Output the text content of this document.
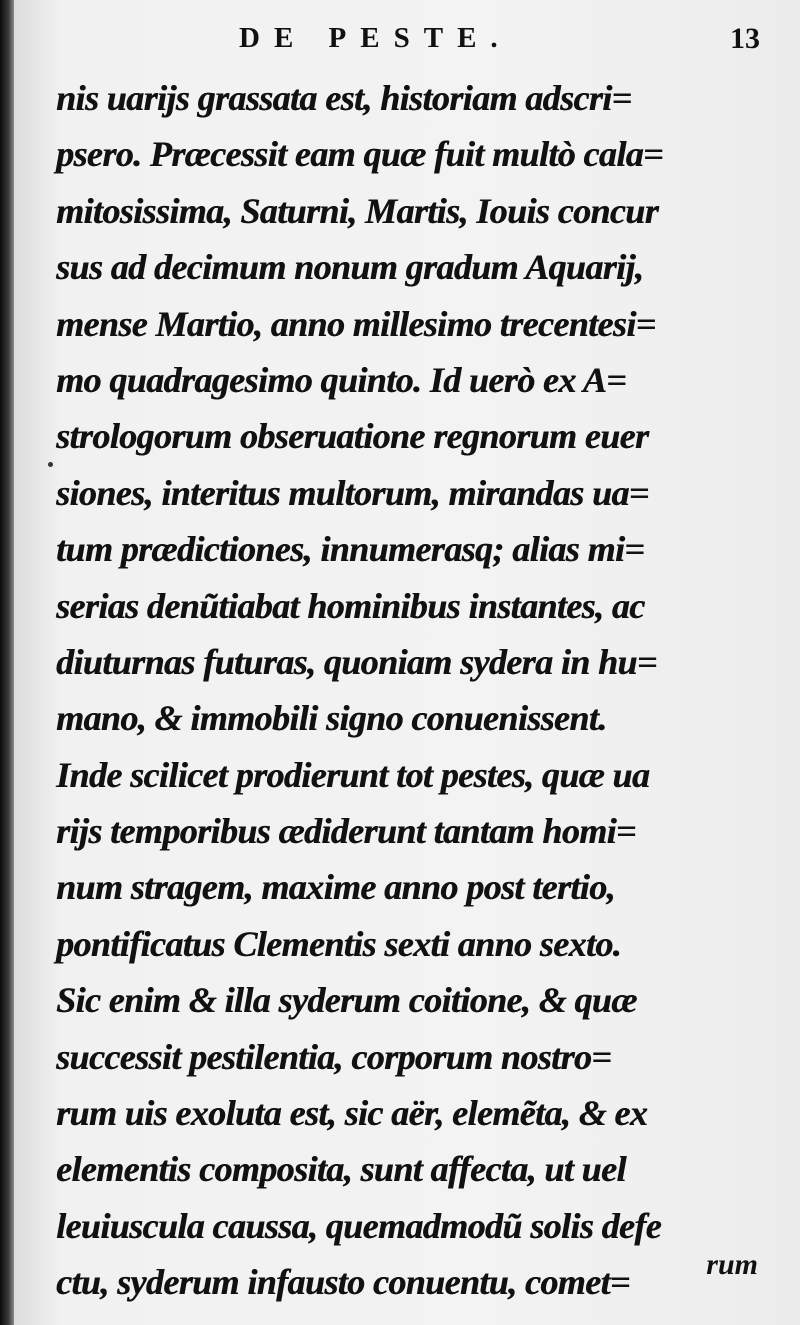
DE PESTE.	13
nis uarijs grassata est, historiam adscri=
psero. Præcessit eam quæ fuit multò cala=
mitosissima, Saturni, Martis, Iouis concur
sus ad decimum nonum gradum Aquarij,
mense Martio, anno millesimo trecentesi=
mo quadragesimo quinto. Id uerò ex A=
strologorum obseruatione regnorum euer
siones, interitus multorum, mirandas ua=
tum prædictiones, innumerasq; alias mi=
serias denũtiabat hominibus instantes, ac
diuturnas futuras, quoniam sydera in hu=
mano, & immobili signo conuenissent.
Inde scilicet prodierunt tot pestes, quæ ua
rijs temporibus ædiderunt tantam homi=
num stragem, maxime anno post tertio,
pontificatus Clementis sexti anno sexto.
Sic enim & illa syderum coitione, & quæ
successit pestilentia, corporum nostro=
rum uis exoluta est, sic aër, elemẽta, & ex
elementis composita, sunt affecta, ut uel
leuiuscula caussa, quemadmodũ solis defe
ctu, syderum infausto conuentu, comet=	rum
